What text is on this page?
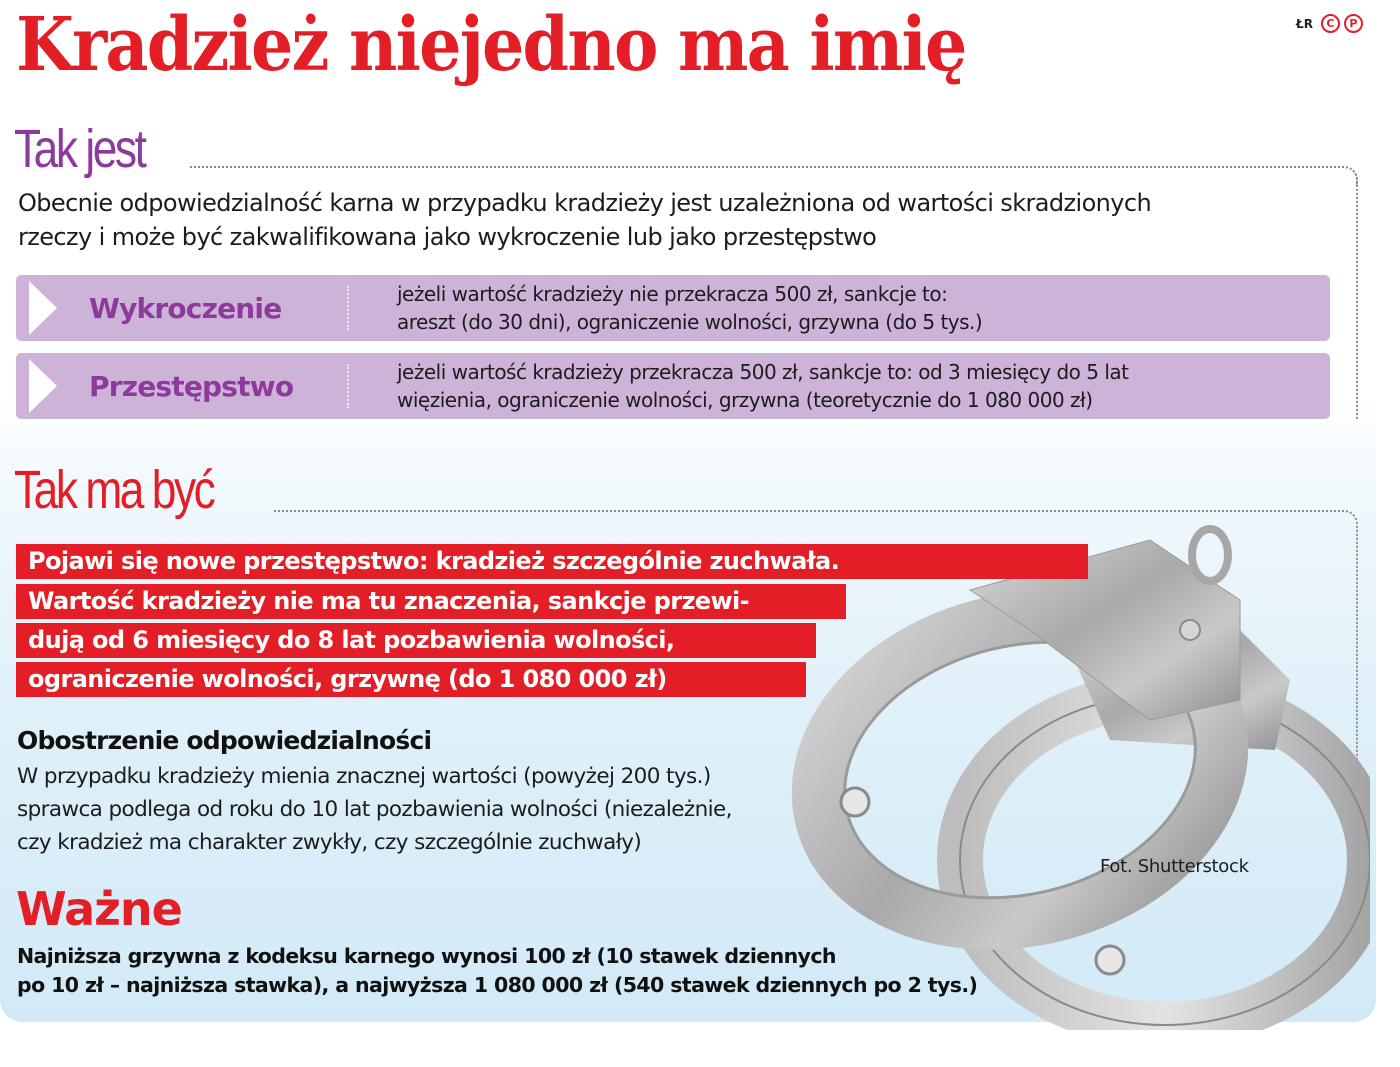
Kradzież niejedno ma imię	ŁR	C	P
Tak jest
Obecnie odpowiedzialność karna w przypadku kradzieży jest uzależniona od wartości skradzionych
rzeczy i może być zakwalifikowana jako wykroczenie lub jako przestępstwo
Wykroczenie	jeżeli wartość kradzieży nie przekracza 500 zł, sankcje to:
areszt (do 30 dni), ograniczenie wolności, grzywna (do 5 tys.)
Przestępstwo	jeżeli wartość kradzieży przekracza 500 zł, sankcje to: od 3 miesięcy do 5 lat
więzienia, ograniczenie wolności, grzywna (teoretycznie do 1 080 000 zł)
Tak ma być
Pojawi się nowe przestępstwo: kradzież szczególnie zuchwała.
Wartość kradzieży nie ma tu znaczenia, sankcje przewi-
dują od 6 miesięcy do 8 lat pozbawienia wolności,
ograniczenie wolności, grzywnę (do 1 080 000 zł)
Obostrzenie odpowiedzialności
W przypadku kradzieży mienia znacznej wartości (powyżej 200 tys.)
sprawca podlega od roku do 10 lat pozbawienia wolności (niezależnie,
czy kradzież ma charakter zwykły, czy szczególnie zuchwały)
Fot. Shutterstock
Ważne
Najniższa grzywna z kodeksu karnego wynosi 100 zł (10 stawek dziennych
po 10 zł – najniższa stawka), a najwyższa 1 080 000 zł (540 stawek dziennych po 2 tys.)
